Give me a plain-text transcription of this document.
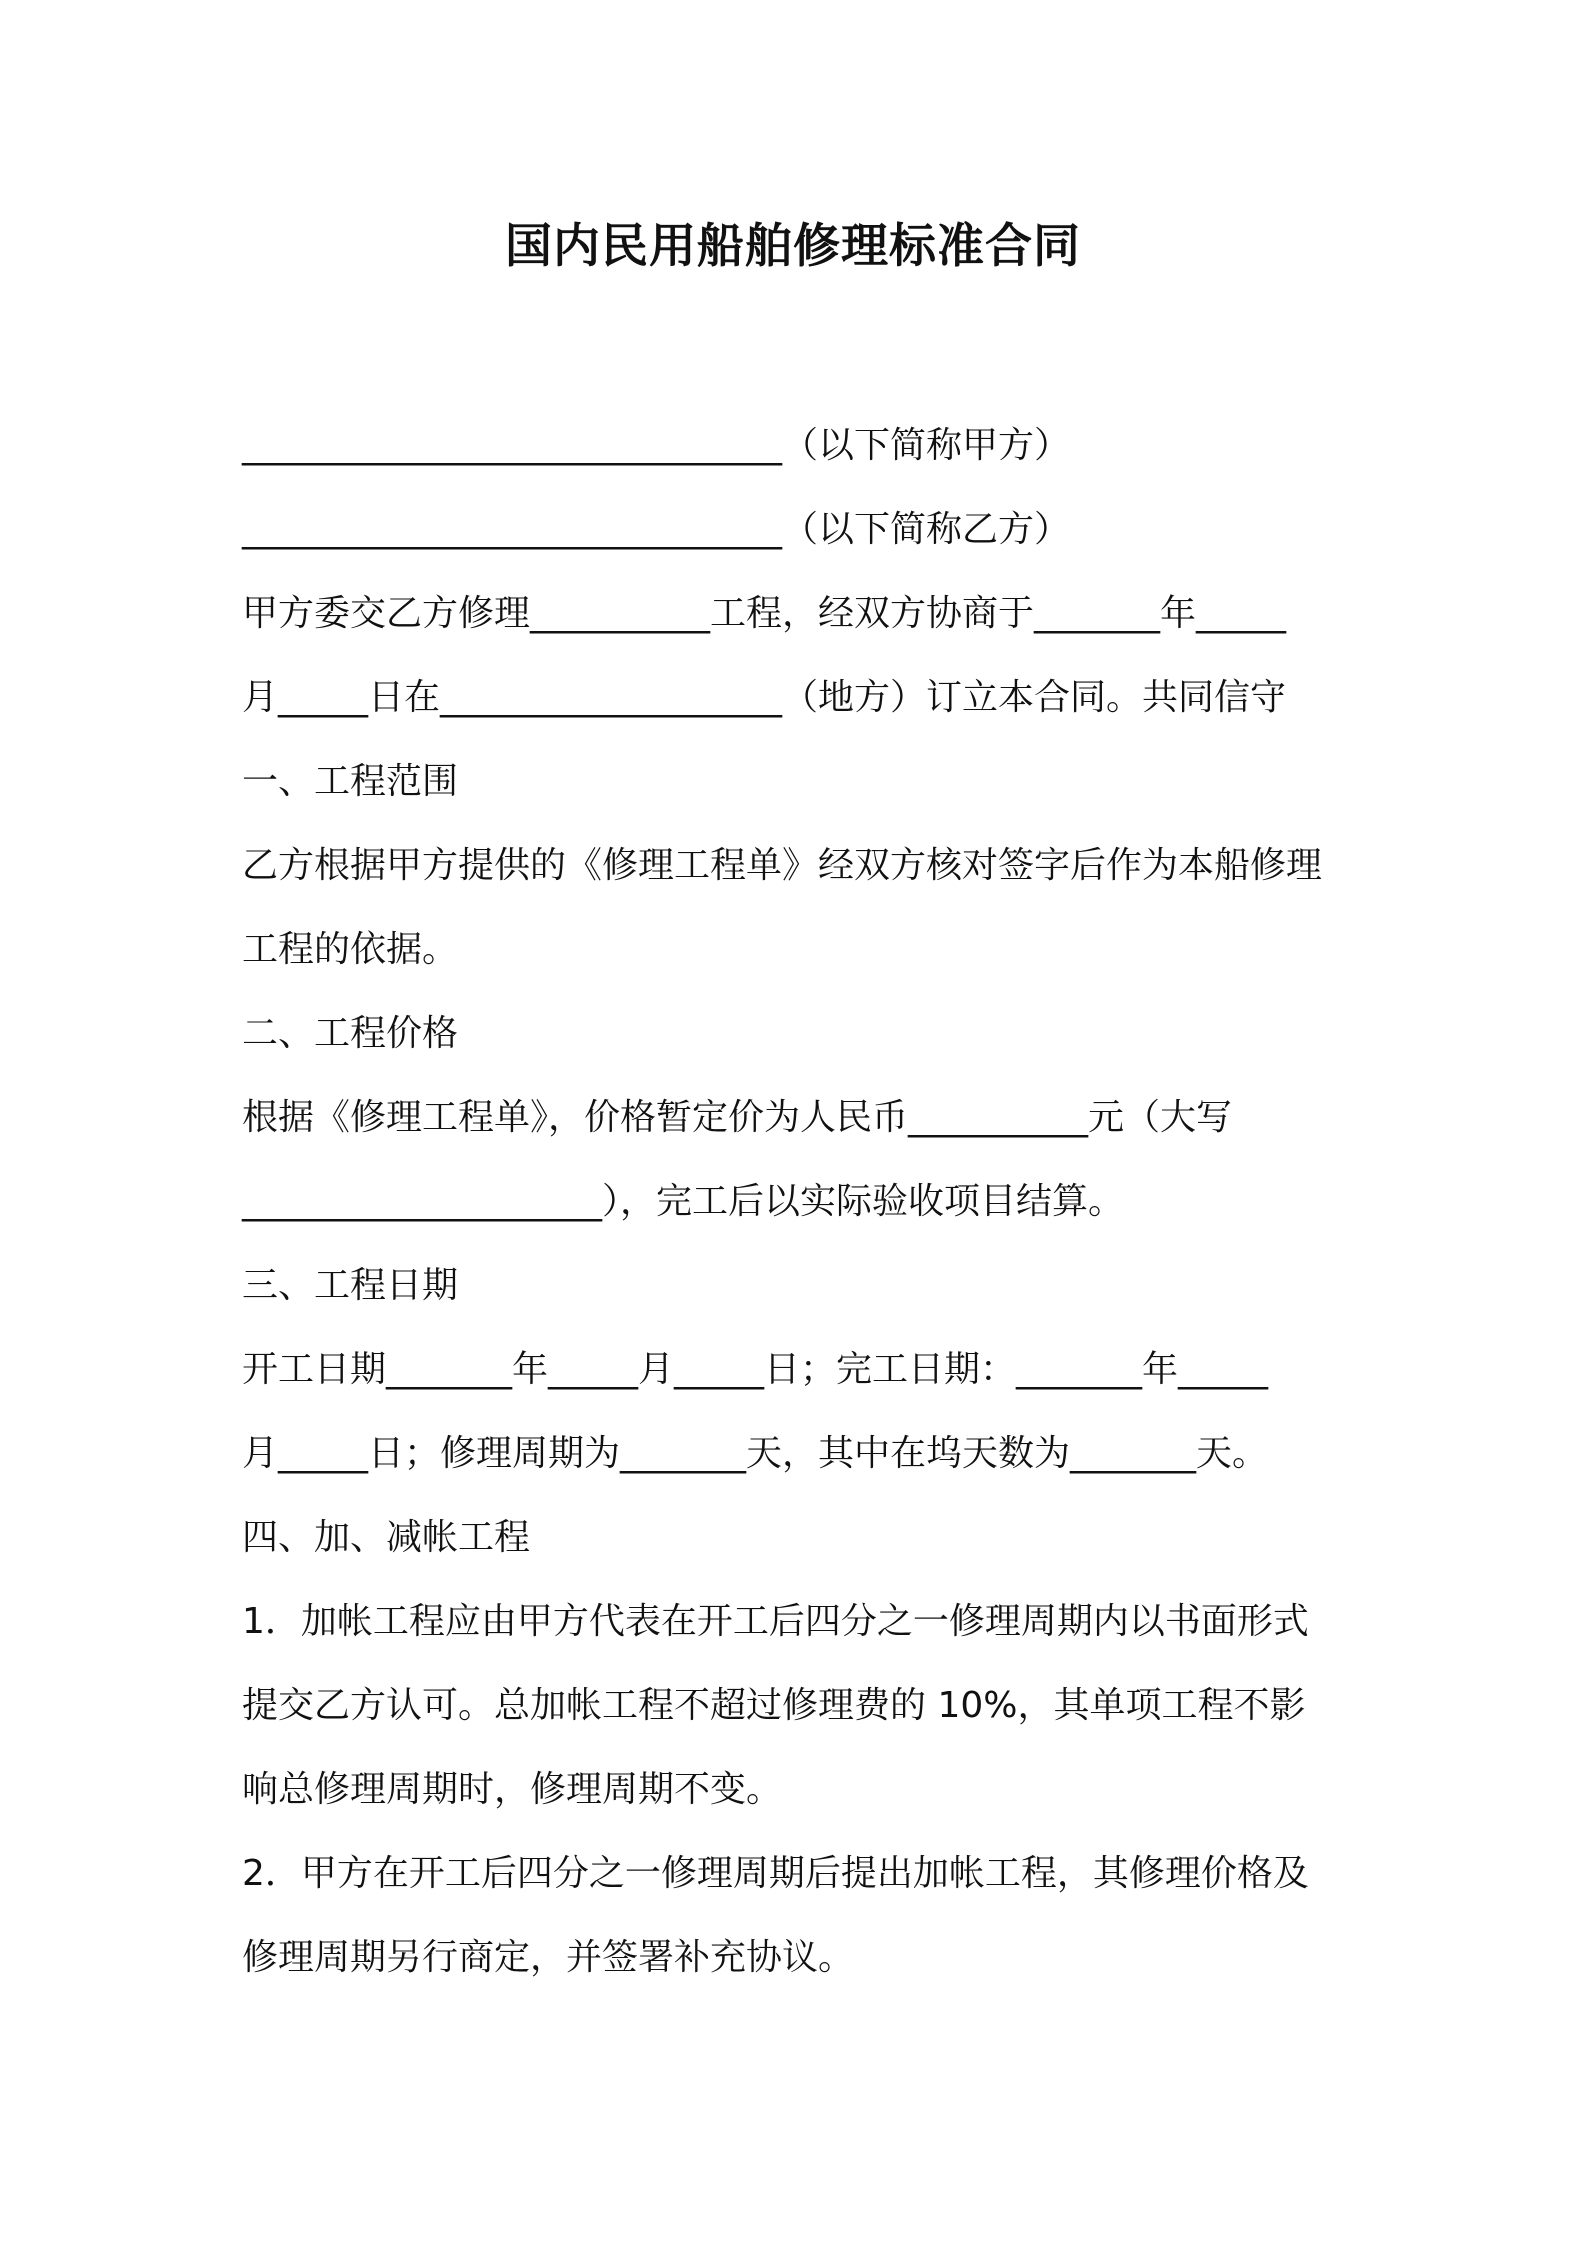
国内民用船舶修理标准合同
______________________________（以下简称甲方）
______________________________（以下简称乙方）
甲方委交乙方修理__________工程，经双方协商于_______年_____
月_____日在___________________（地方）订立本合同。共同信守
一、工程范围
乙方根据甲方提供的《修理工程单》经双方核对签字后作为本船修理
工程的依据。
二、工程价格
根据《修理工程单》，价格暂定价为人民币__________元（大写
____________________），完工后以实际验收项目结算。
三、工程日期
开工日期_______年_____月_____日；完工日期：_______年_____
月_____日；修理周期为_______天，其中在坞天数为_______天。
四、加、减帐工程
1．加帐工程应由甲方代表在开工后四分之一修理周期内以书面形式
提交乙方认可。总加帐工程不超过修理费的 10%，其单项工程不影
响总修理周期时，修理周期不变。
2．甲方在开工后四分之一修理周期后提出加帐工程，其修理价格及
修理周期另行商定，并签署补充协议。
